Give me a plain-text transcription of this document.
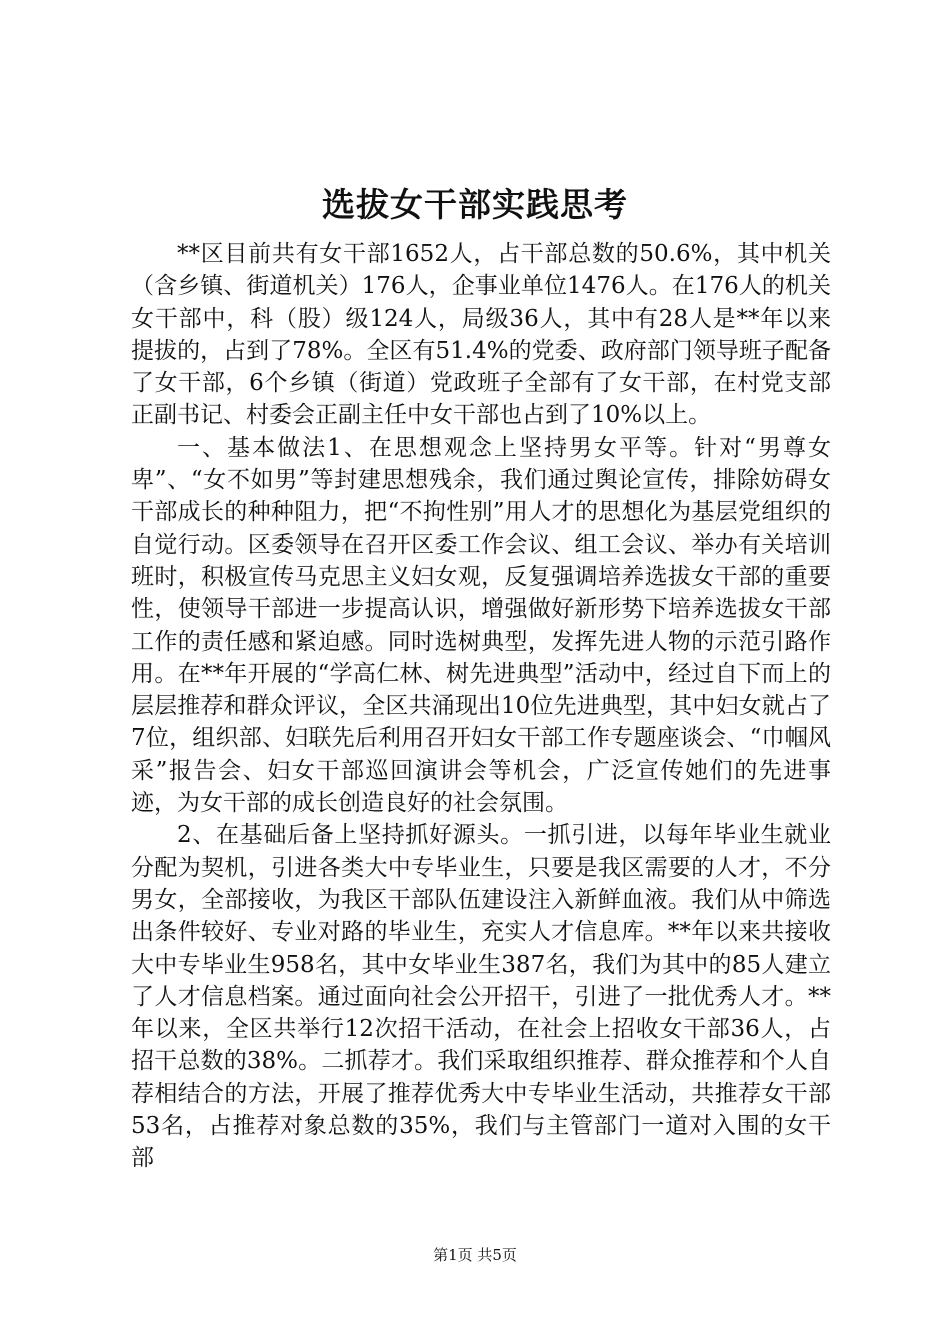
选拔女干部实践思考

**区目前共有女干部1652人，占干部总数的50.6%，其中机关（含乡镇、街道机关）176人，企事业单位1476人。在176人的机关女干部中，科（股）级124人，局级36人，其中有28人是**年以来提拔的，占到了78%。全区有51.4%的党委、政府部门领导班子配备了女干部，6个乡镇（街道）党政班子全部有了女干部，在村党支部正副书记、村委会正副主任中女干部也占到了10%以上。

一、基本做法1、在思想观念上坚持男女平等。针对“男尊女卑”、“女不如男”等封建思想残余，我们通过舆论宣传，排除妨碍女干部成长的种种阻力，把“不拘性别”用人才的思想化为基层党组织的自觉行动。区委领导在召开区委工作会议、组工会议、举办有关培训班时，积极宣传马克思主义妇女观，反复强调培养选拔女干部的重要性，使领导干部进一步提高认识，增强做好新形势下培养选拔女干部工作的责任感和紧迫感。同时选树典型，发挥先进人物的示范引路作用。在**年开展的“学高仁林、树先进典型”活动中，经过自下而上的层层推荐和群众评议，全区共涌现出10位先进典型，其中妇女就占了7位，组织部、妇联先后利用召开妇女干部工作专题座谈会、“巾帼风采”报告会、妇女干部巡回演讲会等机会，广泛宣传她们的先进事迹，为女干部的成长创造良好的社会氛围。

2、在基础后备上坚持抓好源头。一抓引进，以每年毕业生就业分配为契机，引进各类大中专毕业生，只要是我区需要的人才，不分男女，全部接收，为我区干部队伍建设注入新鲜血液。我们从中筛选出条件较好、专业对路的毕业生，充实人才信息库。**年以来共接收大中专毕业生958名，其中女毕业生387名，我们为其中的85人建立了人才信息档案。通过面向社会公开招干，引进了一批优秀人才。**年以来，全区共举行12次招干活动，在社会上招收女干部36人，占招干总数的38%。二抓荐才。我们采取组织推荐、群众推荐和个人自荐相结合的方法，开展了推荐优秀大中专毕业生活动，共推荐女干部53名，占推荐对象总数的35%，我们与主管部门一道对入围的女干部

第1页 共5页
